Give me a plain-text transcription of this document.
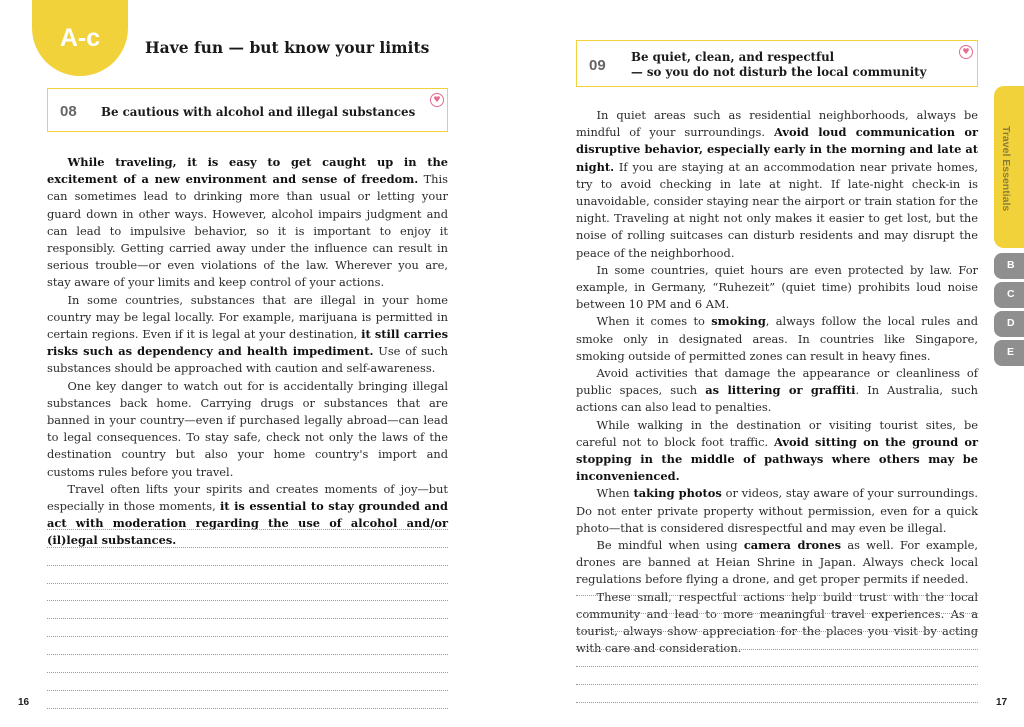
A-c	Have fun — but know your limits
08 Be cautious with alcohol and illegal substances
♥

While traveling, it is easy to get caught up in the excitement of a new environment and sense of freedom. This can sometimes lead to drinking more than usual or letting your guard down in other ways. However, alcohol impairs judgment and can lead to impulsive behavior, so it is important to enjoy it responsibly. Getting carried away under the influence can result in serious trouble—or even violations of the law. Wherever you are, stay aware of your limits and keep control of your actions.

In some countries, substances that are illegal in your home country may be legal locally. For example, marijuana is permitted in certain regions. Even if it is legal at your destination, it still carries risks such as dependency and health impediment. Use of such substances should be approached with caution and self-awareness.

One key danger to watch out for is accidentally bringing illegal substances back home. Carrying drugs or substances that are banned in your country—even if purchased legally abroad—can lead to legal consequences. To stay safe, check not only the laws of the destination country but also your home country's import and customs rules before you travel.

Travel often lifts your spirits and creates moments of joy—but especially in those moments, it is essential to stay grounded and act with moderation regarding the use of alcohol and/or (il)legal substances.

16
09 Be quiet, clean, and respectful
— so you do not disturb the local community
♥

In quiet areas such as residential neighborhoods, always be mindful of your surroundings. Avoid loud communication or disruptive behavior, especially early in the morning and late at night. If you are staying at an accommodation near private homes, try to avoid checking in late at night. If late-night check-in is unavoidable, consider staying near the airport or train station for the night. Traveling at night not only makes it easier to get lost, but the noise of rolling suitcases can disturb residents and may disrupt the peace of the neighborhood.

In some countries, quiet hours are even protected by law. For example, in Germany, “Ruhezeit” (quiet time) prohibits loud noise between 10 PM and 6 AM.

When it comes to smoking, always follow the local rules and smoke only in designated areas. In countries like Singapore, smoking outside of permitted zones can result in heavy fines.

Avoid activities that damage the appearance or cleanliness of public spaces, such as littering or graffiti. In Australia, such actions can also lead to penalties.

While walking in the destination or visiting tourist sites, be careful not to block foot traffic. Avoid sitting on the ground or stopping in the middle of pathways where others may be inconvenienced.

When taking photos or videos, stay aware of your surroundings. Do not enter private property without permission, even for a quick photo—that is considered disrespectful and may even be illegal.

Be mindful when using camera drones as well. For example, drones are banned at Heian Shrine in Japan. Always check local regulations before flying a drone, and get proper permits if needed.

These small, respectful actions help build trust with the local community and lead to more meaningful travel experiences. As a tourist, always show appreciation for the places you visit by acting with care and consideration.

17
Travel Essentials
B
C
D
E
